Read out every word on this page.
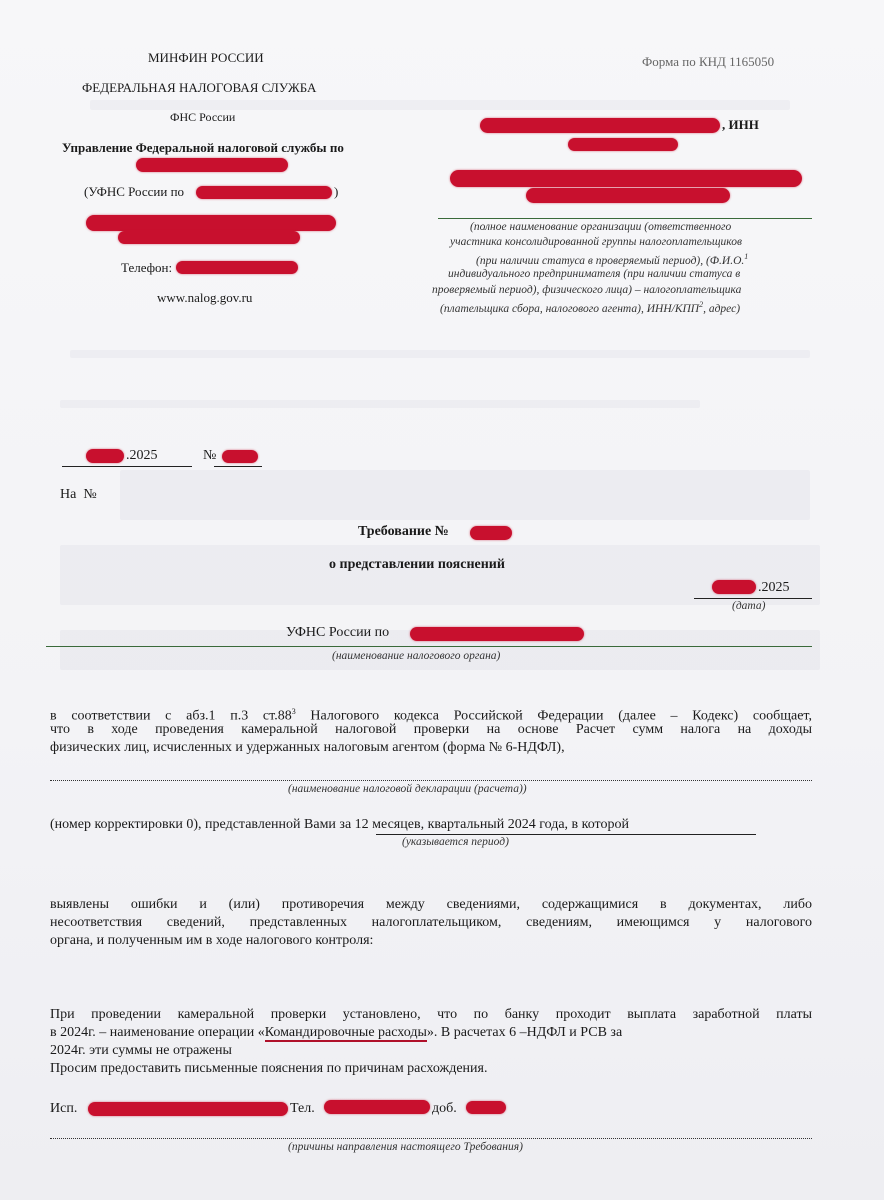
МИНФИН РОССИИ
ФЕДЕРАЛЬНАЯ НАЛОГОВАЯ СЛУЖБА
ФНС России
Управление Федеральной налоговой службы по
(УФНС России по	)
Телефон:
www.nalog.gov.ru
Форма по КНД 1165050
, ИНН
(полное наименование организации (ответственного
участника консолидированной группы налогоплательщиков
(при наличии статуса в проверяемый период), (Ф.И.О.$^1$
индивидуального предпринимателя (при наличии статуса в
проверяемый период), физического лица) – налогоплательщика
(плательщика сбора, налогового агента), ИНН/КПП$^2$, адрес)
.2025	№
На №
Требование №
о представлении пояснений
.2025
(дата)
УФНС России по
(наименование налогового органа)
в соответствии с абз.1 п.3 $ст.88^3$ Налогового кодекса Российской Федерации (далее – Кодекс) сообщает,
что в ходе проведения камеральной налоговой проверки на основе Расчет сумм налога на доходы
физических лиц, исчисленных и удержанных налоговым агентом (форма № 6-НДФЛ),
(наименование налоговой декларации (расчета))
(номер корректировки 0), представленной Вами за 12 месяцев, квартальный 2024 года, в которой
(указывается период)
выявлены ошибки и (или) противоречия между сведениями, содержащимися в документах, либо
несоответствия сведений, представленных налогоплательщиком, сведениям, имеющимся у налогового
органа, и полученным им в ходе налогового контроля:
При проведении камеральной проверки установлено, что по банку проходит выплата заработной платы
в 2024г. – наименование операции «Командировочные расходы». В расчетах 6 –НДФЛ и РСВ за
2024г. эти суммы не отражены
Просим предоставить письменные пояснения по причинам расхождения.
Исп.	Тел.	доб.
(причины направления настоящего Требования)
